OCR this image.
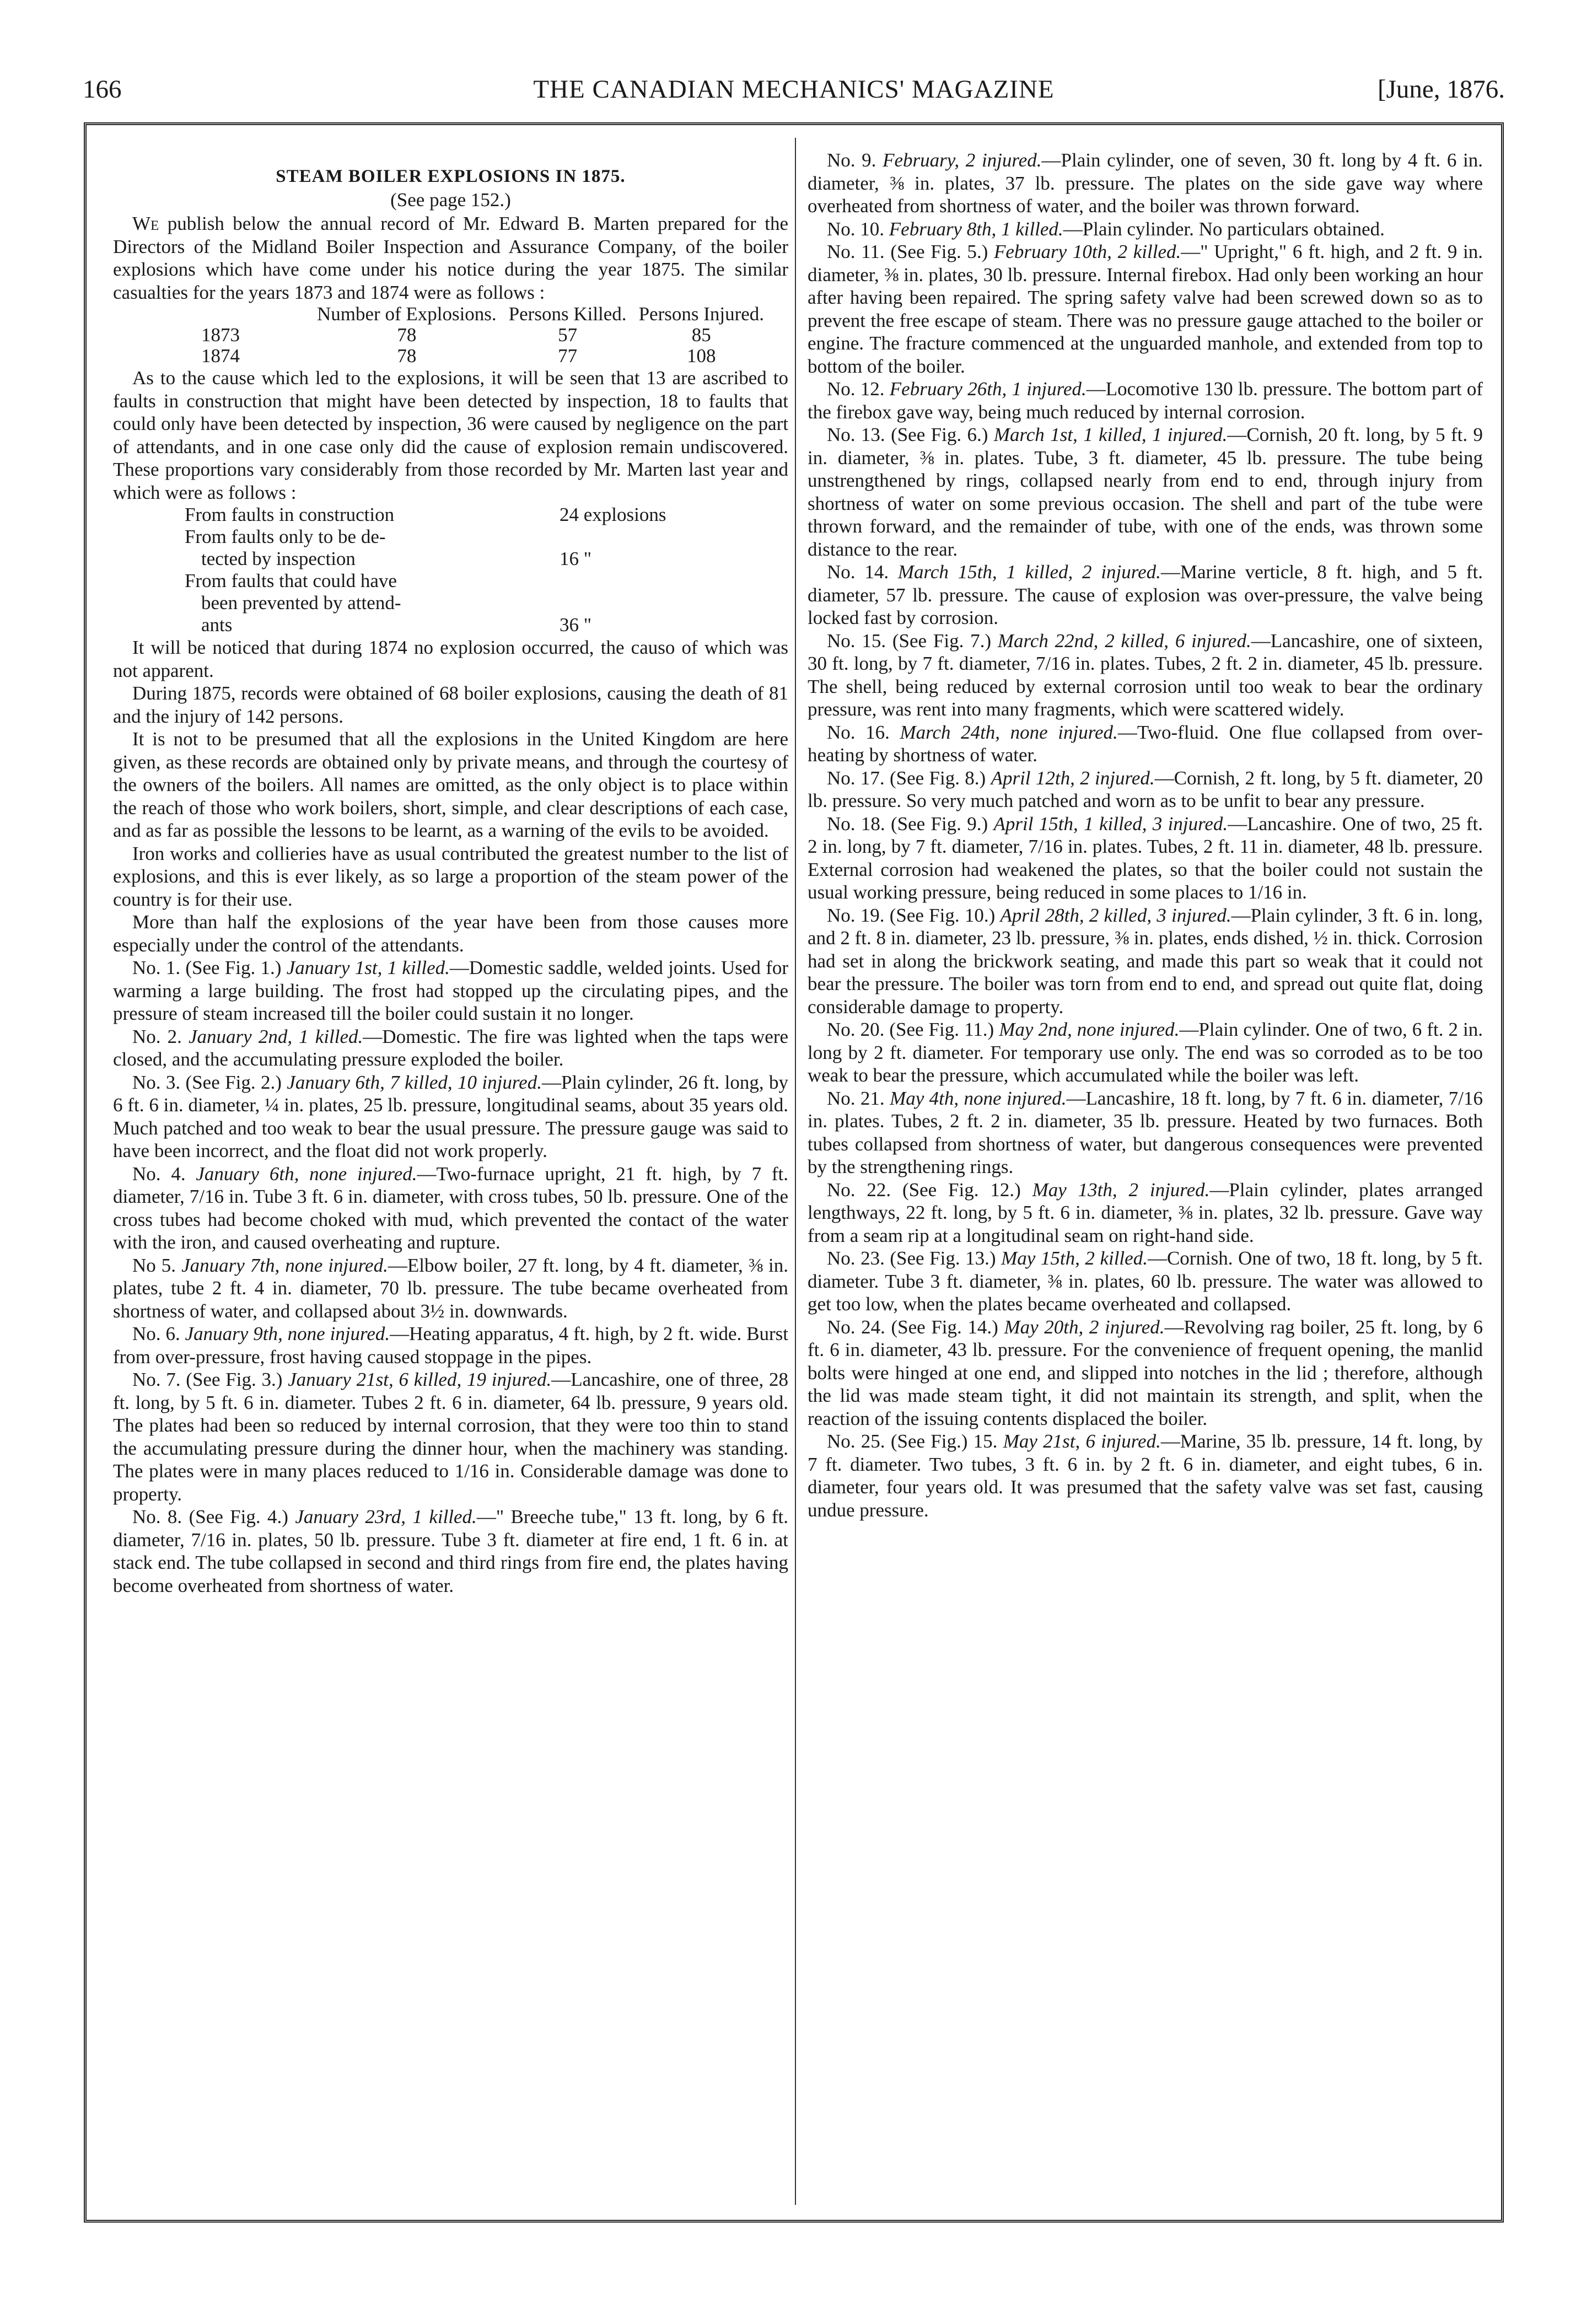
166	THE CANADIAN MECHANICS' MAGAZINE	[June, 1876.
STEAM BOILER EXPLOSIONS IN 1875.
(See page 152.)

We publish below the annual record of Mr. Edward B. Marten prepared for the Directors of the Midland Boiler Inspection and Assurance Company, of the boiler explosions which have come under his notice during the year 1875. The similar casualties for the years 1873 and 1874 were as follows :

	Number of Explosions.	Persons Killed.	Persons Injured.
1873	78	57	85
1874	78	77	108

As to the cause which led to the explosions, it will be seen that 13 are ascribed to faults in construction that might have been detected by inspection, 18 to faults that could only have been detected by inspection, 36 were caused by negligence on the part of attendants, and in one case only did the cause of explosion remain undiscovered. These proportions vary considerably from those recorded by Mr. Marten last year and which were as follows :

From faults in construction	24 explosions
From faults only to be de-
tected by inspection	16 "
From faults that could have
been prevented by attend-
ants	36 "

It will be noticed that during 1874 no explosion occurred, the causo of which was not apparent.

During 1875, records were obtained of 68 boiler explosions, causing the death of 81 and the injury of 142 persons.

It is not to be presumed that all the explosions in the United Kingdom are here given, as these records are obtained only by private means, and through the courtesy of the owners of the boilers. All names are omitted, as the only object is to place within the reach of those who work boilers, short, simple, and clear descriptions of each case, and as far as possible the lessons to be learnt, as a warning of the evils to be avoided.

Iron works and collieries have as usual contributed the greatest number to the list of explosions, and this is ever likely, as so large a proportion of the steam power of the country is for their use.

More than half the explosions of the year have been from those causes more especially under the control of the attendants.

No. 1. (See Fig. 1.) January 1st, 1 killed.—Domestic saddle, welded joints. Used for warming a large building. The frost had stopped up the circulating pipes, and the pressure of steam increased till the boiler could sustain it no longer.

No. 2. January 2nd, 1 killed.—Domestic. The fire was lighted when the taps were closed, and the accumulating pressure exploded the boiler.

No. 3. (See Fig. 2.) January 6th, 7 killed, 10 injured.—Plain cylinder, 26 ft. long, by 6 ft. 6 in. diameter, ¼ in. plates, 25 lb. pressure, longitudinal seams, about 35 years old. Much patched and too weak to bear the usual pressure. The pressure gauge was said to have been incorrect, and the float did not work properly.

No. 4. January 6th, none injured.—Two-furnace upright, 21 ft. high, by 7 ft. diameter, 7/16 in. Tube 3 ft. 6 in. diameter, with cross tubes, 50 lb. pressure. One of the cross tubes had become choked with mud, which prevented the contact of the water with the iron, and caused overheating and rupture.

No 5. January 7th, none injured.—Elbow boiler, 27 ft. long, by 4 ft. diameter, ⅜ in. plates, tube 2 ft. 4 in. diameter, 70 lb. pressure. The tube became overheated from shortness of water, and collapsed about 3½ in. downwards.

No. 6. January 9th, none injured.—Heating apparatus, 4 ft. high, by 2 ft. wide. Burst from over-pressure, frost having caused stoppage in the pipes.

No. 7. (See Fig. 3.) January 21st, 6 killed, 19 injured.—Lancashire, one of three, 28 ft. long, by 5 ft. 6 in. diameter. Tubes 2 ft. 6 in. diameter, 64 lb. pressure, 9 years old. The plates had been so reduced by internal corrosion, that they were too thin to stand the accumulating pressure during the dinner hour, when the machinery was standing. The plates were in many places reduced to 1/16 in. Considerable damage was done to property.

No. 8. (See Fig. 4.) January 23rd, 1 killed.—" Breeche tube," 13 ft. long, by 6 ft. diameter, 7/16 in. plates, 50 lb. pressure. Tube 3 ft. diameter at fire end, 1 ft. 6 in. at stack end. The tube collapsed in second and third rings from fire end, the plates having become overheated from shortness of water.

No. 9. February, 2 injured.—Plain cylinder, one of seven, 30 ft. long by 4 ft. 6 in. diameter, ⅜ in. plates, 37 lb. pressure. The plates on the side gave way where overheated from shortness of water, and the boiler was thrown forward.

No. 10. February 8th, 1 killed.—Plain cylinder. No particulars obtained.

No. 11. (See Fig. 5.) February 10th, 2 killed.—" Upright," 6 ft. high, and 2 ft. 9 in. diameter, ⅜ in. plates, 30 lb. pressure. Internal firebox. Had only been working an hour after having been repaired. The spring safety valve had been screwed down so as to prevent the free escape of steam. There was no pressure gauge attached to the boiler or engine. The fracture commenced at the unguarded manhole, and extended from top to bottom of the boiler.

No. 12. February 26th, 1 injured.—Locomotive 130 lb. pressure. The bottom part of the firebox gave way, being much reduced by internal corrosion.

No. 13. (See Fig. 6.) March 1st, 1 killed, 1 injured.—Cornish, 20 ft. long, by 5 ft. 9 in. diameter, ⅜ in. plates. Tube, 3 ft. diameter, 45 lb. pressure. The tube being unstrengthened by rings, collapsed nearly from end to end, through injury from shortness of water on some previous occasion. The shell and part of the tube were thrown forward, and the remainder of tube, with one of the ends, was thrown some distance to the rear.

No. 14. March 15th, 1 killed, 2 injured.—Marine verticle, 8 ft. high, and 5 ft. diameter, 57 lb. pressure. The cause of explosion was over-pressure, the valve being locked fast by corrosion.

No. 15. (See Fig. 7.) March 22nd, 2 killed, 6 injured.—Lancashire, one of sixteen, 30 ft. long, by 7 ft. diameter, 7/16 in. plates. Tubes, 2 ft. 2 in. diameter, 45 lb. pressure. The shell, being reduced by external corrosion until too weak to bear the ordinary pressure, was rent into many fragments, which were scattered widely.

No. 16. March 24th, none injured.—Two-fluid. One flue collapsed from over-heating by shortness of water.

No. 17. (See Fig. 8.) April 12th, 2 injured.—Cornish, 2 ft. long, by 5 ft. diameter, 20 lb. pressure. So very much patched and worn as to be unfit to bear any pressure.

No. 18. (See Fig. 9.) April 15th, 1 killed, 3 injured.—Lancashire. One of two, 25 ft. 2 in. long, by 7 ft. diameter, 7/16 in. plates. Tubes, 2 ft. 11 in. diameter, 48 lb. pressure. External corrosion had weakened the plates, so that the boiler could not sustain the usual working pressure, being reduced in some places to 1/16 in.

No. 19. (See Fig. 10.) April 28th, 2 killed, 3 injured.—Plain cylinder, 3 ft. 6 in. long, and 2 ft. 8 in. diameter, 23 lb. pressure, ⅜ in. plates, ends dished, ½ in. thick. Corrosion had set in along the brickwork seating, and made this part so weak that it could not bear the pressure. The boiler was torn from end to end, and spread out quite flat, doing considerable damage to property.

No. 20. (See Fig. 11.) May 2nd, none injured.—Plain cylinder. One of two, 6 ft. 2 in. long by 2 ft. diameter. For temporary use only. The end was so corroded as to be too weak to bear the pressure, which accumulated while the boiler was left.

No. 21. May 4th, none injured.—Lancashire, 18 ft. long, by 7 ft. 6 in. diameter, 7/16 in. plates. Tubes, 2 ft. 2 in. diameter, 35 lb. pressure. Heated by two furnaces. Both tubes collapsed from shortness of water, but dangerous consequences were prevented by the strengthening rings.

No. 22. (See Fig. 12.) May 13th, 2 injured.—Plain cylinder, plates arranged lengthways, 22 ft. long, by 5 ft. 6 in. diameter, ⅜ in. plates, 32 lb. pressure. Gave way from a seam rip at a longitudinal seam on right-hand side.

No. 23. (See Fig. 13.) May 15th, 2 killed.—Cornish. One of two, 18 ft. long, by 5 ft. diameter. Tube 3 ft. diameter, ⅜ in. plates, 60 lb. pressure. The water was allowed to get too low, when the plates became overheated and collapsed.

No. 24. (See Fig. 14.) May 20th, 2 injured.—Revolving rag boiler, 25 ft. long, by 6 ft. 6 in. diameter, 43 lb. pressure. For the convenience of frequent opening, the manlid bolts were hinged at one end, and slipped into notches in the lid ; therefore, although the lid was made steam tight, it did not maintain its strength, and split, when the reaction of the issuing contents displaced the boiler.

No. 25. (See Fig.) 15. May 21st, 6 injured.—Marine, 35 lb. pressure, 14 ft. long, by 7 ft. diameter. Two tubes, 3 ft. 6 in. by 2 ft. 6 in. diameter, and eight tubes, 6 in. diameter, four years old. It was presumed that the safety valve was set fast, causing undue pressure.
